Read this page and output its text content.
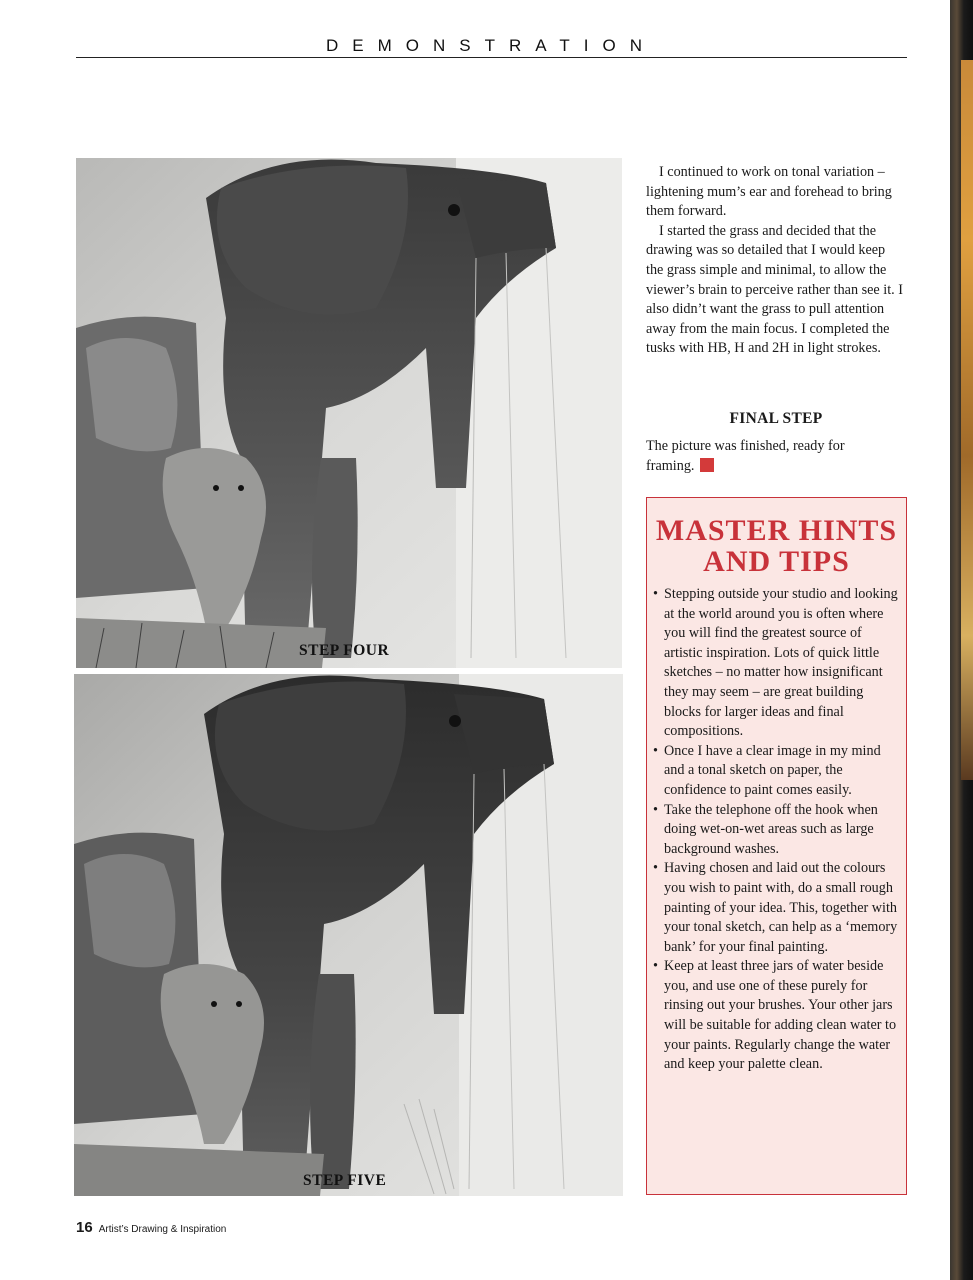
DEMONSTRATION
STEP FOUR
STEP FIVE

I continued to work on tonal variation – lightening mum’s ear and forehead to bring them forward.

I started the grass and decided that the drawing was so detailed that I would keep the grass simple and minimal, to allow the viewer’s brain to perceive rather than see it. I also didn’t want the grass to pull attention away from the main focus. I completed the tusks with HB, H and 2H in light strokes.

FINAL STEP
The picture was finished, ready for framing.
MASTER HINTS AND TIPS
• Stepping outside your studio and looking at the world around you is often where you will find the greatest source of artistic inspiration. Lots of quick little sketches – no matter how insignificant they may seem – are great building blocks for larger ideas and final compositions.
• Once I have a clear image in my mind and a tonal sketch on paper, the confidence to paint comes easily.
• Take the telephone off the hook when doing wet-on-wet areas such as large background washes.
• Having chosen and laid out the colours you wish to paint with, do a small rough painting of your idea. This, together with your tonal sketch, can help as a ‘memory bank’ for your final painting.
• Keep at least three jars of water beside you, and use one of these purely for rinsing out your brushes. Your other jars will be suitable for adding clean water to your paints. Regularly change the water and keep your palette clean.
16 Artist’s Drawing & Inspiration
